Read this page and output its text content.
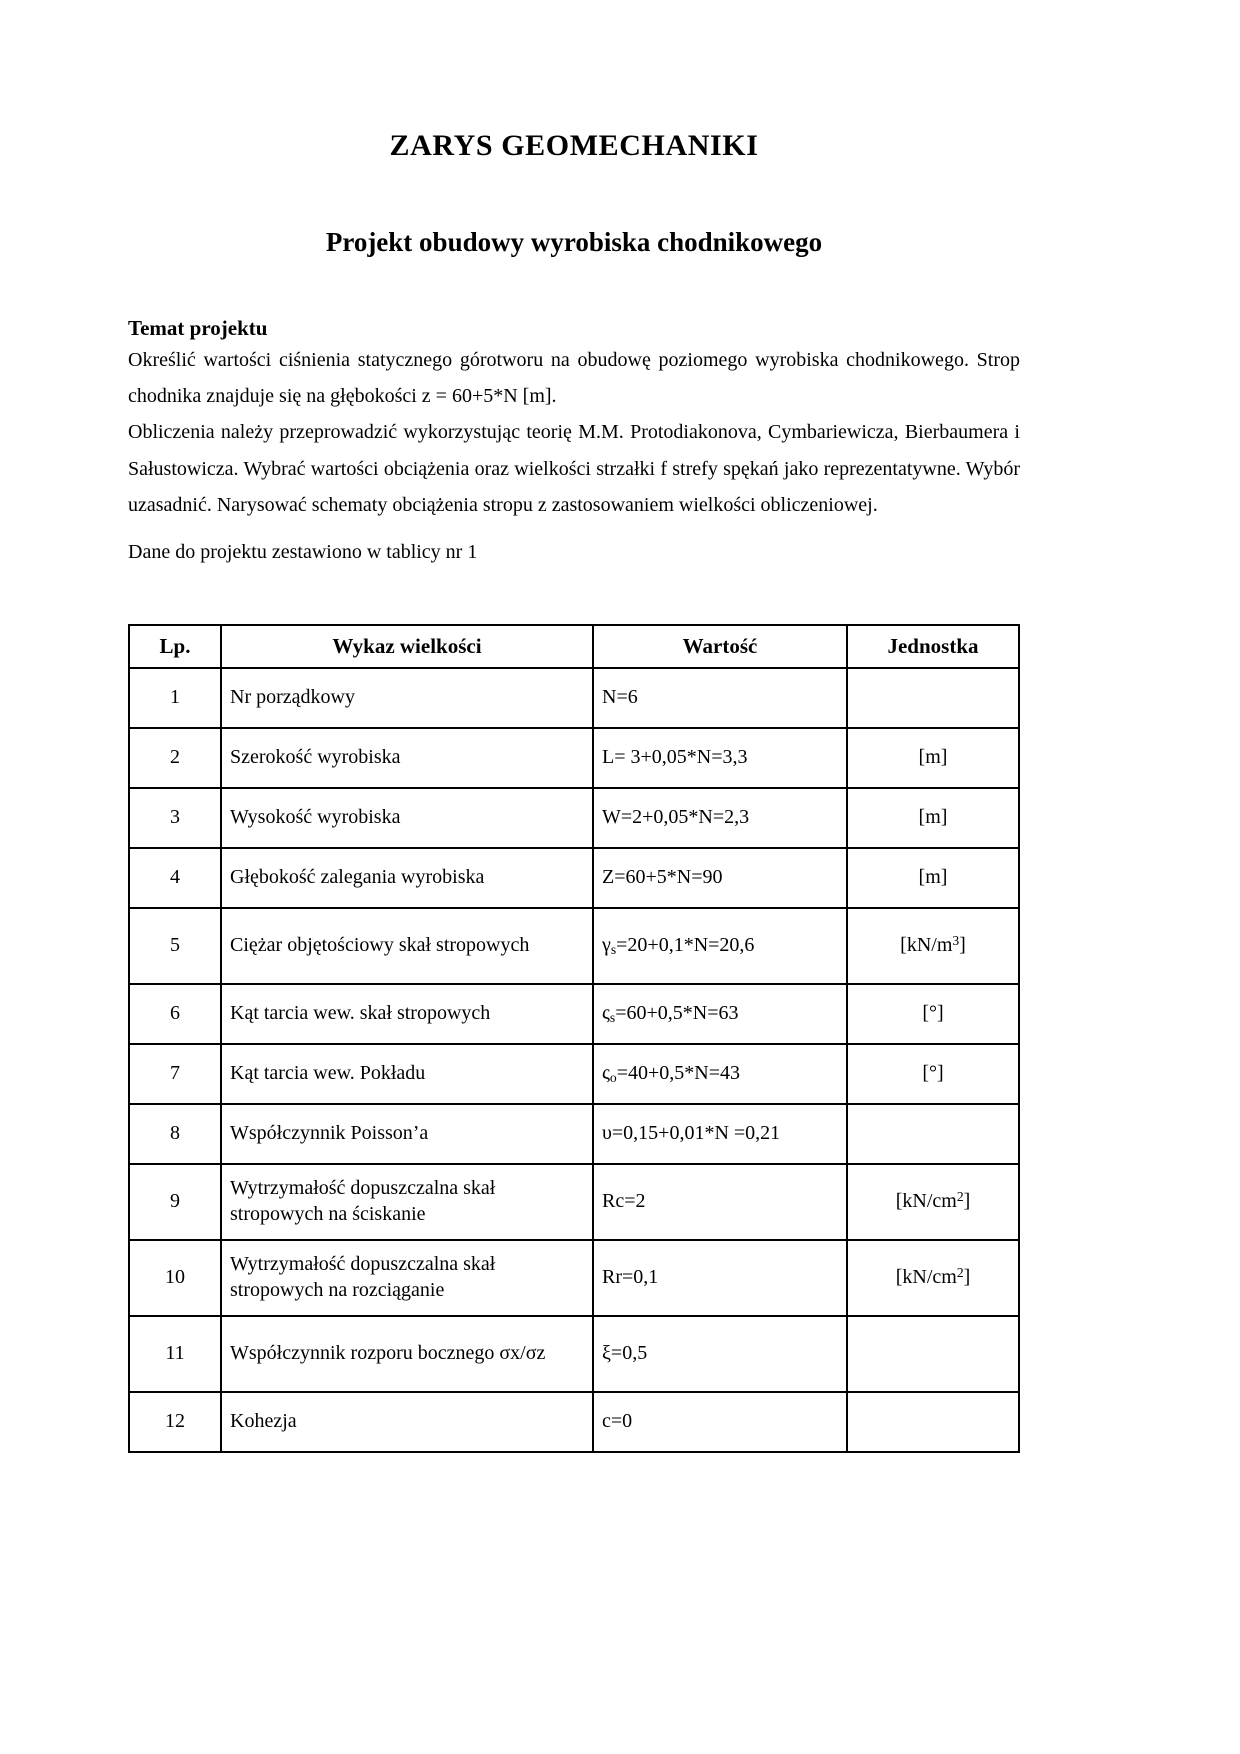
ZARYS GEOMECHANIKI
Projekt obudowy wyrobiska chodnikowego
Temat projektu

Określić wartości ciśnienia statycznego górotworu na obudowę poziomego wyrobiska chodnikowego. Strop chodnika znajduje się na głębokości z = 60+5*N [m].

Obliczenia należy przeprowadzić wykorzystując teorię M.M. Protodiakonova, Cymbariewicza, Bierbaumera i Sałustowicza. Wybrać wartości obciążenia oraz wielkości strzałki f strefy spękań jako reprezentatywne. Wybór uzasadnić. Narysować schematy obciążenia stropu z zastosowaniem wielkości obliczeniowej.

Dane do projektu zestawiono w tablicy nr 1

Lp.	Wykaz wielkości	Wartość	Jednostka
1	Nr porządkowy	N=6	
2	Szerokość wyrobiska	L= 3+0,05*N=3,3	[m]
3	Wysokość wyrobiska	W=2+0,05*N=2,3	[m]
4	Głębokość zalegania wyrobiska	Z=60+5*N=90	[m]
5	Ciężar objętościowy skał stropowych	$\gamma_s=20+0,1*N=20,6$	$[kN/m^3]$
6	Kąt tarcia wew. skał stropowych	$\varsigma_s=60+0,5*N=63$	[°]
7	Kąt tarcia wew. Pokładu	$\varsigma_o=40+0,5*N=43$	[°]
8	Współczynnik Poisson’a	υ=0,15+0,01*N =0,21	
9	Wytrzymałość dopuszczalna skał stropowych na ściskanie	Rc=2	$[kN/cm^2]$
10	Wytrzymałość dopuszczalna skał stropowych na rozciąganie	Rr=0,1	$[kN/cm^2]$
11	Współczynnik rozporu bocznego σx/σz	ξ=0,5	
12	Kohezja	c=0	
